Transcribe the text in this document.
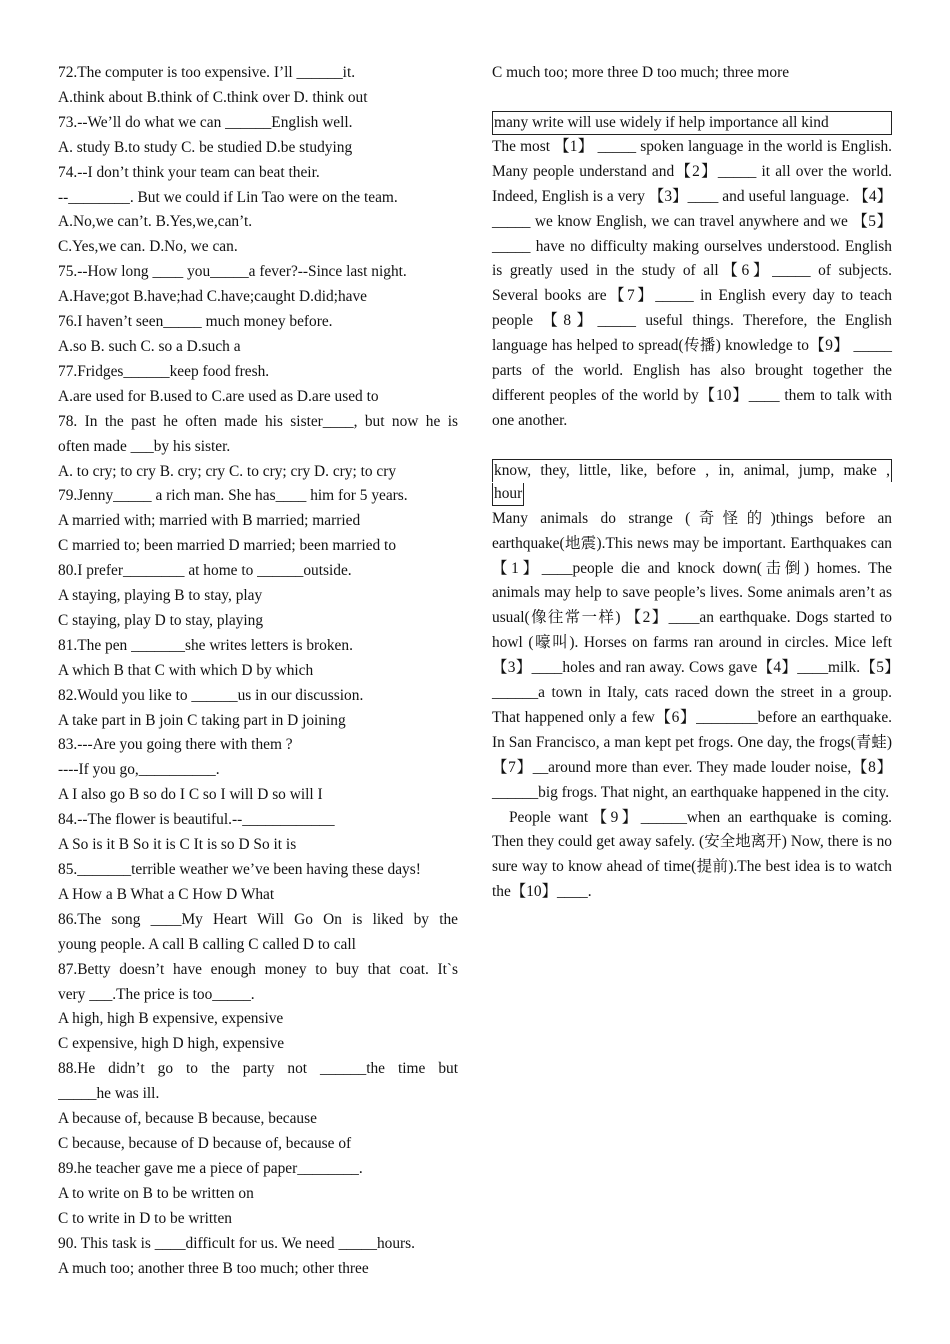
72.The computer is too expensive. I’ll ______it.
A.think about B.think of C.think over D. think out
73.--We’ll do what we can ______English well.
A. study B.to study C. be studied D.be studying
74.--I don’t think your team can beat their.
--________. But we could if Lin Tao were on the team.
A.No,we can’t. B.Yes,we,can’t.
C.Yes,we can. D.No, we can.
75.--How long ____ you_____a fever?--Since last night.
A.Have;got B.have;had C.have;caught D.did;have
76.I haven’t seen_____ much money before.
A.so B. such C. so a D.such a
77.Fridges______keep food fresh.
A.are used for B.used to C.are used as D.are used to
78. In the past he often made his sister____, but now he is
often made ___by his sister.
A. to cry; to cry B. cry; cry C. to cry; cry D. cry; to cry
79.Jenny_____ a rich man. She has____ him for 5 years.
A married with; married with B married; married
C married to; been married D married; been married to
80.I prefer________ at home to ______outside.
A staying, playing B to stay, play
C staying, play D to stay, playing
81.The pen _______she writes letters is broken.
A which B that C with which D by which
82.Would you like to ______us in our discussion.
A take part in B join C taking part in D joining
83.---Are you going there with them ?
----If you go,__________.
A I also go B so do I C so I will D so will I
84.--The flower is beautiful.--____________
A So is it B So it is C It is so D So it is
85._______terrible weather we’ve been having these days!
A How a B What a C How D What
86.The song ____My Heart Will Go On is liked by the
young people. A call B calling C called D to call
87.Betty doesn’t have enough money to buy that coat. It`s
very ___.The price is too_____.
A high, high B expensive, expensive
C expensive, high D high, expensive
88.He didn’t go to the party not ______the time but
_____he was ill.
A because of, because B because, because
C because, because of D because of, because of
89.he teacher gave me a piece of paper________.
A to write on B to be written on
C to write in D to be written
90. This task is ____difficult for us. We need _____hours.
A much too; another three B too much; other three
C much too; more three D too much; three more
many write will use widely if help importance all kind
The most 【1】 _____ spoken language in the world is English. Many people understand and【2】_____ it all over the world. Indeed, English is a very 【3】____ and useful language. 【4】_____ we know English, we can travel anywhere and we 【5】 _____ have no difficulty making ourselves understood. English is greatly used in the study of all【6】_____ of subjects. Several books are【7】_____ in English every day to teach people 【8】_____ useful things. Therefore, the English language has helped to spread(传播) knowledge to【9】 _____ parts of the world. English has also brought together the different peoples of the world by【10】____ them to talk with one another.
know, they, little, like, before , in, animal, jump, make ,
hour
Many animals do strange (奇怪的)things before an earthquake(地震).This news may be important. Earthquakes can【1】____people die and knock down(击倒) homes. The animals may help to save people’s lives. Some animals aren’t as usual(像往常一样) 【2】____an earthquake. Dogs started to howl (嚎叫). Horses on farms ran around in circles. Mice left 【3】____holes and ran away. Cows gave【4】____milk.【5】______a town in Italy, cats raced down the street in a group. That happened only a few【6】________before an earthquake. In San Francisco, a man kept pet frogs. One day, the frogs(青蛙)【7】__around more than ever. They made louder noise,【8】______big frogs. That night, an earthquake happened in the city.
People want【9】______when an earthquake is coming. Then they could get away safely. (安全地离开) Now, there is no sure way to know ahead of time(提前).The best idea is to watch the【10】____.
